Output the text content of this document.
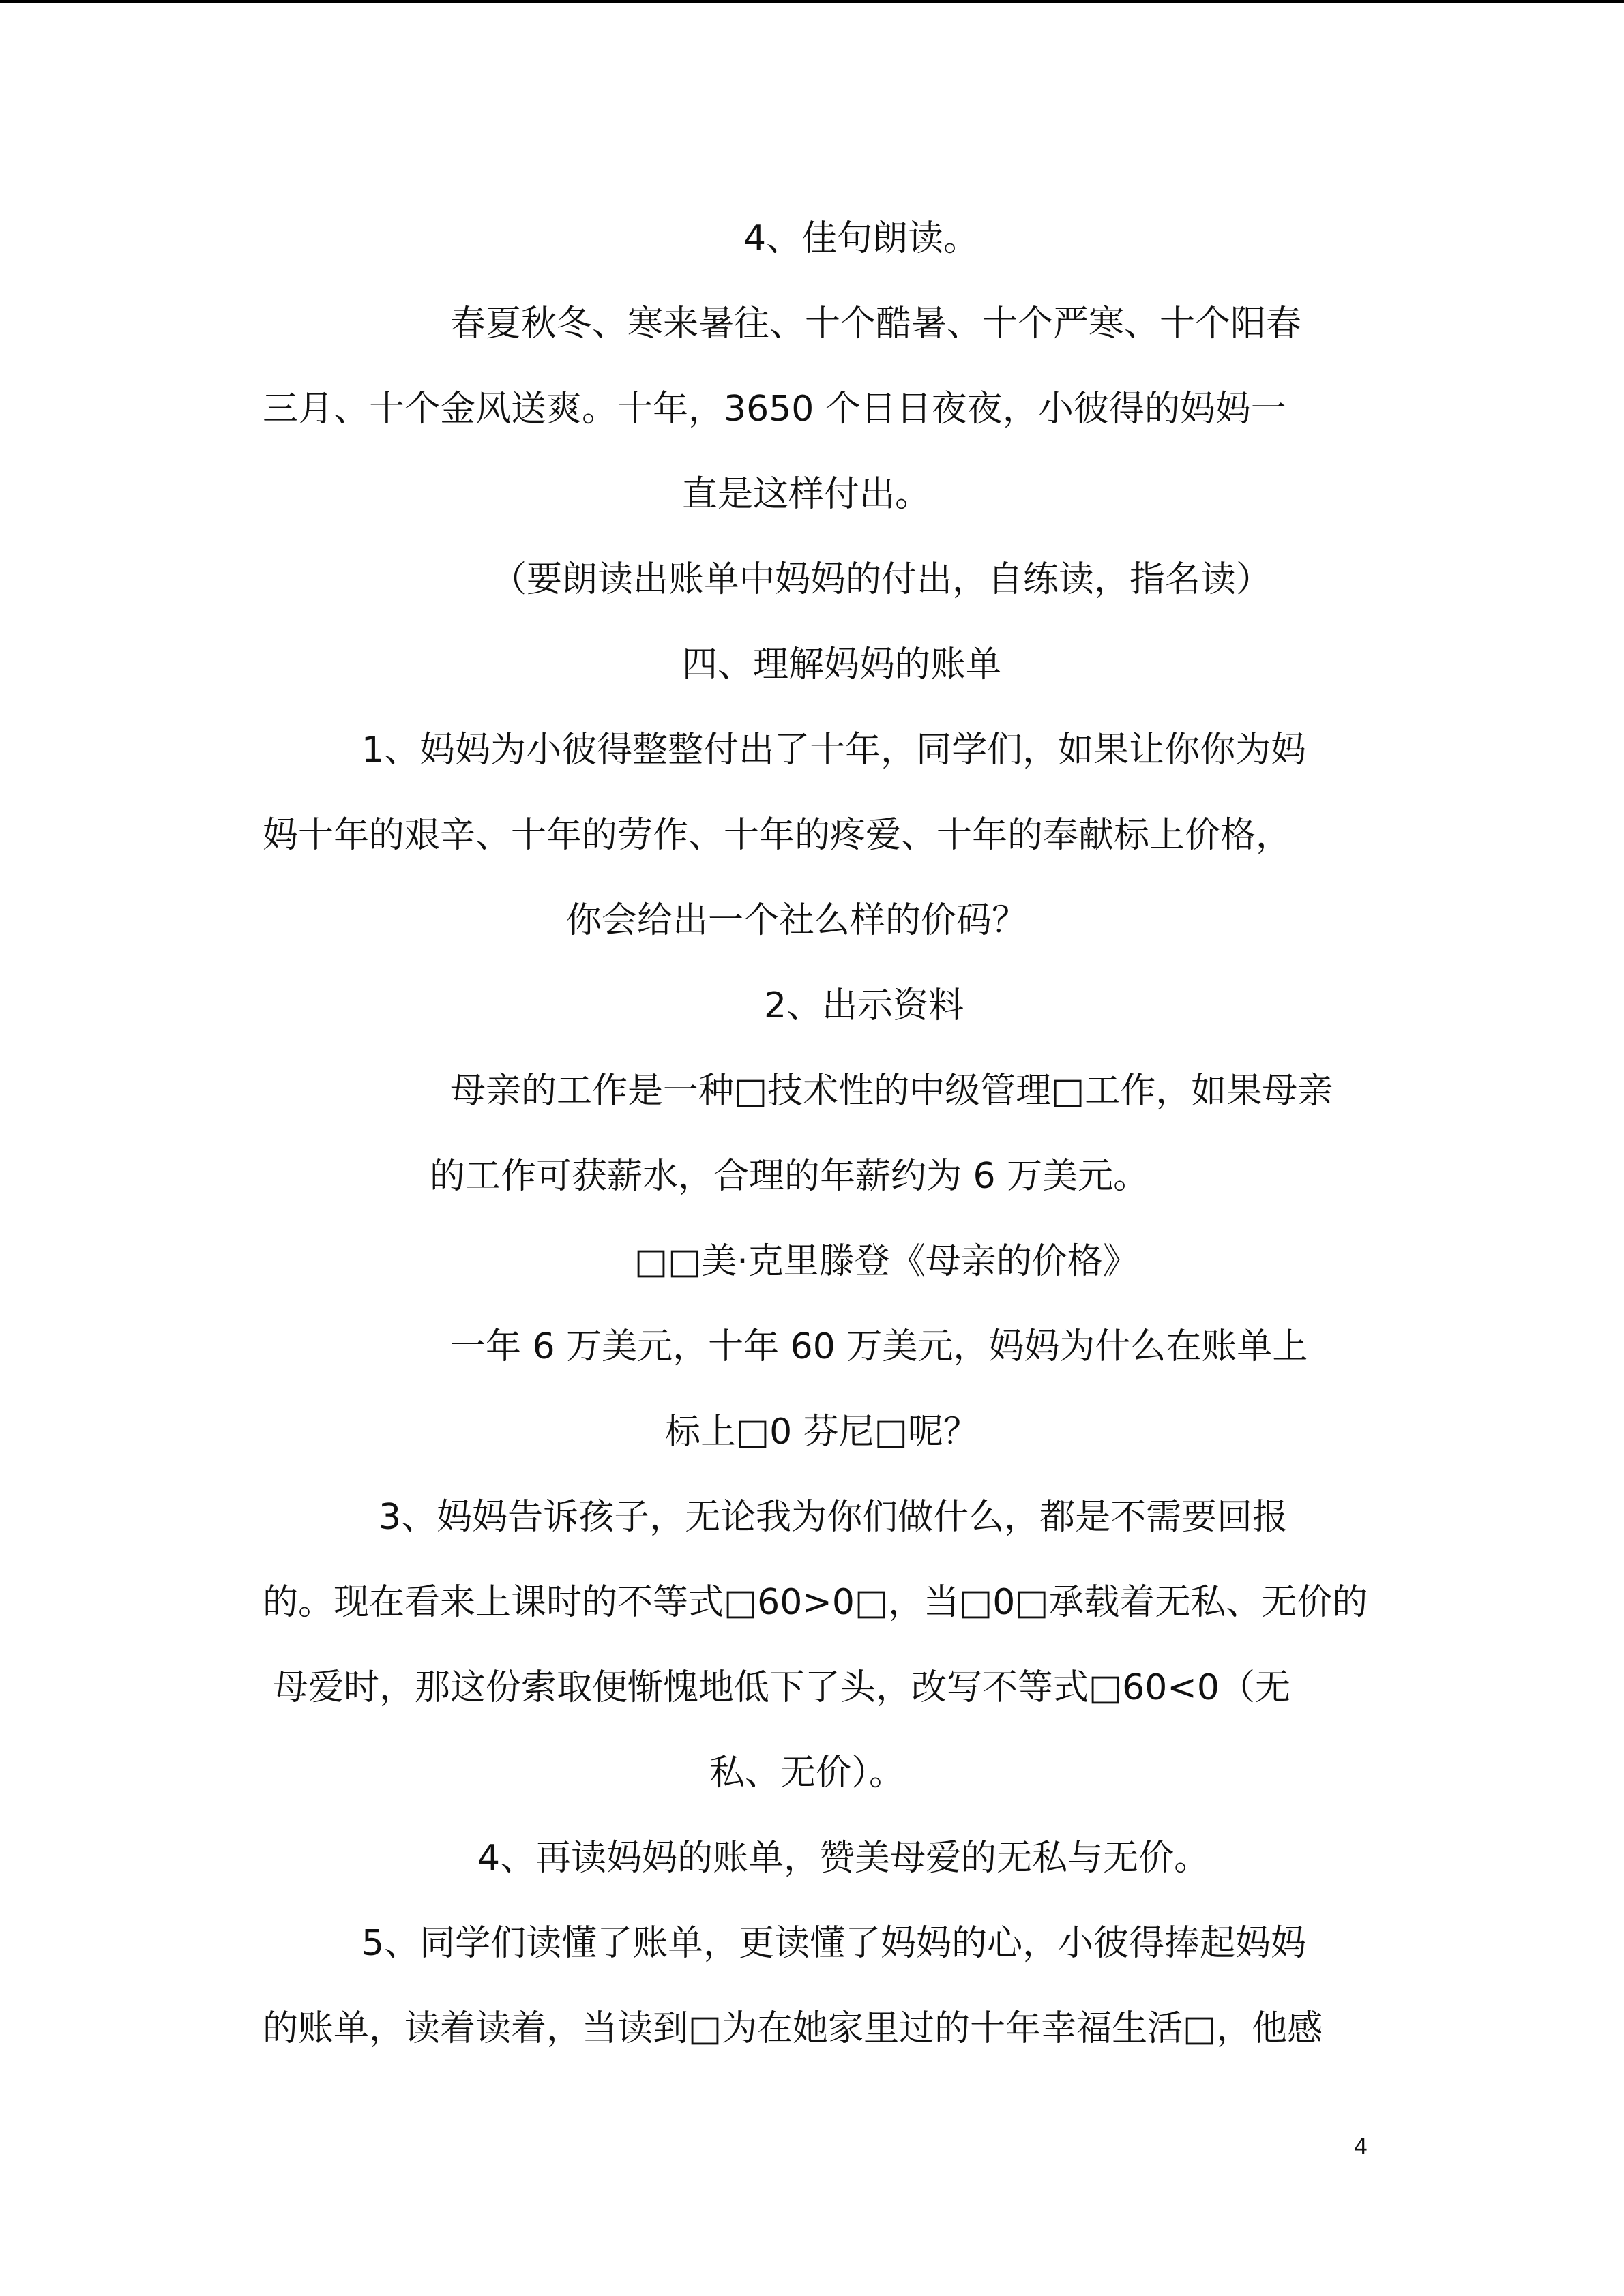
4、佳句朗读。
春夏秋冬、寒来暑往、十个酷暑、十个严寒、十个阳春
三月、十个金风送爽。十年，3650 个日日夜夜，小彼得的妈妈一
直是这样付出。
（要朗读出账单中妈妈的付出，自练读，指名读）
四、理解妈妈的账单
1、妈妈为小彼得整整付出了十年，同学们，如果让你你为妈
妈十年的艰辛、十年的劳作、十年的疼爱、十年的奉献标上价格，
你会给出一个社么样的价码？
2、出示资料
母亲的工作是一种□技术性的中级管理□工作，如果母亲
的工作可获薪水，合理的年薪约为 6 万美元。
□□美·克里滕登《母亲的价格》
一年 6 万美元，十年 60 万美元，妈妈为什么在账单上
标上□0 芬尼□呢？
3、妈妈告诉孩子，无论我为你们做什么，都是不需要回报
的。现在看来上课时的不等式□60>0□，当□0□承载着无私、无价的
母爱时，那这份索取便惭愧地低下了头，改写不等式□60<0（无
私、无价）。
4、再读妈妈的账单，赞美母爱的无私与无价。
5、同学们读懂了账单，更读懂了妈妈的心，小彼得捧起妈妈
的账单，读着读着，当读到□为在她家里过的十年幸福生活□，他感
4
